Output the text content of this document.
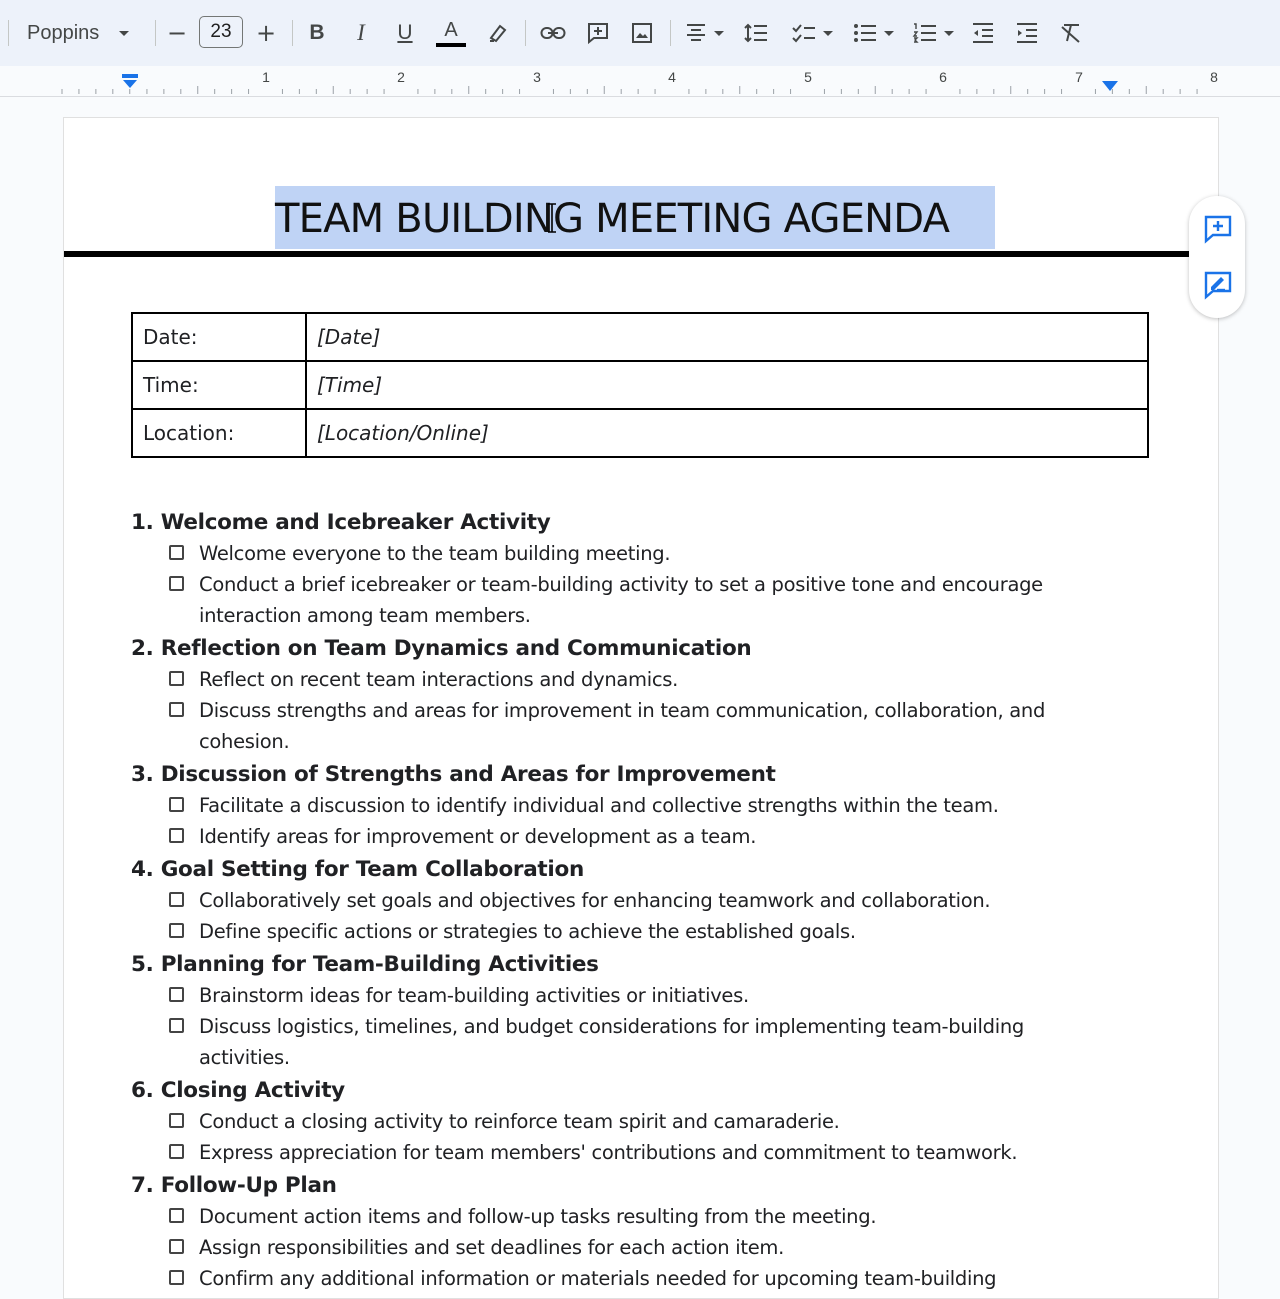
Poppins	−	23	+ B I U A
1	2	3	4	5	6	7	8
TEAM BUILDING MEETING AGENDA
Date:	[Date]
Time:	[Time]
Location:	[Location/Online]
1. Welcome and Icebreaker Activity
Welcome everyone to the team building meeting.
Conduct a brief icebreaker or team-building activity to set a positive tone and encourage
interaction among team members.
2. Reflection on Team Dynamics and Communication
Reflect on recent team interactions and dynamics.
Discuss strengths and areas for improvement in team communication, collaboration, and
cohesion.
3. Discussion of Strengths and Areas for Improvement
Facilitate a discussion to identify individual and collective strengths within the team.
Identify areas for improvement or development as a team.
4. Goal Setting for Team Collaboration
Collaboratively set goals and objectives for enhancing teamwork and collaboration.
Define specific actions or strategies to achieve the established goals.
5. Planning for Team-Building Activities
Brainstorm ideas for team-building activities or initiatives.
Discuss logistics, timelines, and budget considerations for implementing team-building
activities.
6. Closing Activity
Conduct a closing activity to reinforce team spirit and camaraderie.
Express appreciation for team members' contributions and commitment to teamwork.
7. Follow-Up Plan
Document action items and follow-up tasks resulting from the meeting.
Assign responsibilities and set deadlines for each action item.
Confirm any additional information or materials needed for upcoming team-building
